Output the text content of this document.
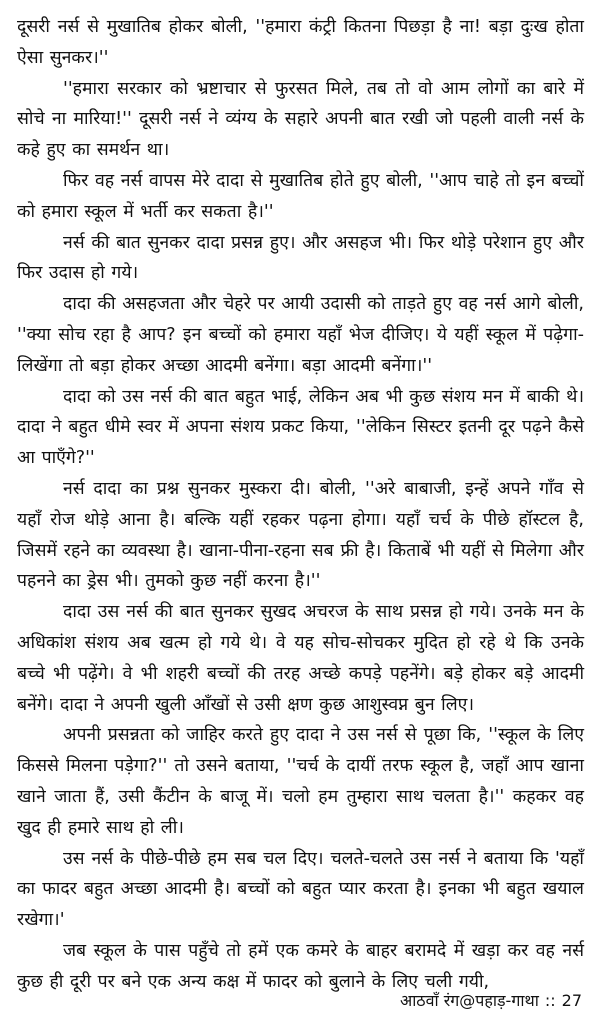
दूसरी नर्स से मुखातिब होकर बोली, ''हमारा कंट्री कितना पिछड़ा है ना! बड़ा दुःख होता ऐसा सुनकर।''

''हमारा सरकार को भ्रष्टाचार से फुरसत मिले, तब तो वो आम लोगों का बारे में सोचे ना मारिया!'' दूसरी नर्स ने व्यंग्य के सहारे अपनी बात रखी जो पहली वाली नर्स के कहे हुए का समर्थन था।

फिर वह नर्स वापस मेरे दादा से मुखातिब होते हुए बोली, ''आप चाहे तो इन बच्चों को हमारा स्कूल में भर्ती कर सकता है।''

नर्स की बात सुनकर दादा प्रसन्न हुए। और असहज भी। फिर थोड़े परेशान हुए और फिर उदास हो गये।

दादा की असहजता और चेहरे पर आयी उदासी को ताड़ते हुए वह नर्स आगे बोली, ''क्या सोच रहा है आप? इन बच्चों को हमारा यहाँ भेज दीजिए। ये यहीं स्कूल में पढ़ेगा-लिखेंगा तो बड़ा होकर अच्छा आदमी बनेंगा। बड़ा आदमी बनेंगा।''

दादा को उस नर्स की बात बहुत भाई, लेकिन अब भी कुछ संशय मन में बाकी थे। दादा ने बहुत धीमे स्वर में अपना संशय प्रकट किया, ''लेकिन सिस्टर इतनी दूर पढ़ने कैसे आ पाएँगे?''

नर्स दादा का प्रश्न सुनकर मुस्करा दी। बोली, ''अरे बाबाजी, इन्हें अपने गाँव से यहाँ रोज थोड़े आना है। बल्कि यहीं रहकर पढ़ना होगा। यहाँ चर्च के पीछे हॉस्टल है, जिसमें रहने का व्यवस्था है। खाना-पीना-रहना सब फ्री है। किताबें भी यहीं से मिलेगा और पहनने का ड्रेस भी। तुमको कुछ नहीं करना है।''

दादा उस नर्स की बात सुनकर सुखद अचरज के साथ प्रसन्न हो गये। उनके मन के अधिकांश संशय अब खत्म हो गये थे। वे यह सोच-सोचकर मुदित हो रहे थे कि उनके बच्चे भी पढ़ेंगे। वे भी शहरी बच्चों की तरह अच्छे कपड़े पहनेंगे। बड़े होकर बड़े आदमी बनेंगे। दादा ने अपनी खुली आँखों से उसी क्षण कुछ आशुस्वप्न बुन लिए।

अपनी प्रसन्नता को जाहिर करते हुए दादा ने उस नर्स से पूछा कि, ''स्कूल के लिए किससे मिलना पड़ेगा?'' तो उसने बताया, ''चर्च के दायीं तरफ स्कूल है, जहाँ आप खाना खाने जाता हैं, उसी कैंटीन के बाजू में। चलो हम तुम्हारा साथ चलता है।'' कहकर वह खुद ही हमारे साथ हो ली।

उस नर्स के पीछे-पीछे हम सब चल दिए। चलते-चलते उस नर्स ने बताया कि 'यहाँ का फादर बहुत अच्छा आदमी है। बच्चों को बहुत प्यार करता है। इनका भी बहुत खयाल रखेगा।'

जब स्कूल के पास पहुँचे तो हमें एक कमरे के बाहर बरामदे में खड़ा कर वह नर्स कुछ ही दूरी पर बने एक अन्य कक्ष में फादर को बुलाने के लिए चली गयी,

आठवाँ रंग@पहाड़-गाथा :: 27
